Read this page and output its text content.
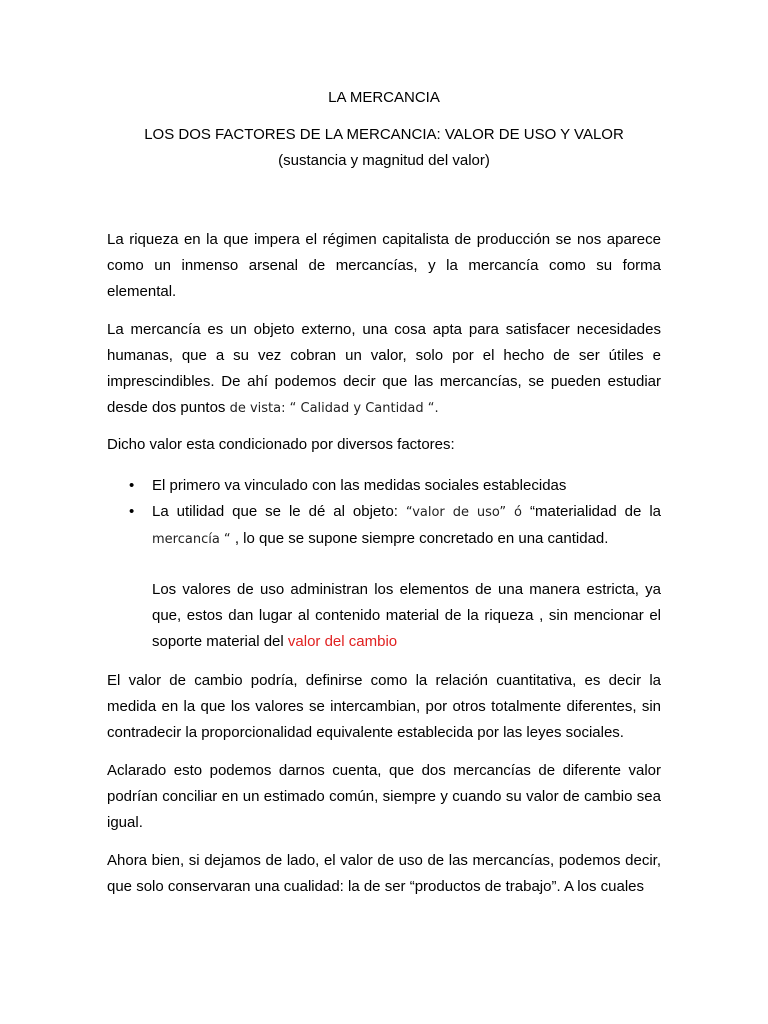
LA MERCANCIA
LOS DOS FACTORES DE LA MERCANCIA: VALOR DE USO Y VALOR
(sustancia y magnitud del valor)

La riqueza en la que impera el régimen capitalista de producción se nos aparece como un inmenso arsenal de mercancías, y la mercancía como su forma elemental.

La mercancía es un objeto externo, una cosa apta para satisfacer necesidades humanas, que a su vez cobran un valor, solo por el hecho de ser útiles e imprescindibles. De ahí podemos decir que las mercancías, se pueden estudiar desde dos puntos de vista: “ Calidad y Cantidad “.

Dicho valor esta condicionado por diversos factores:

• El primero va vinculado con las medidas sociales establecidas
• La utilidad que se le dé al objeto: “valor de uso” ó “materialidad de la mercancía “ , lo que se supone siempre concretado en una cantidad.
Los valores de uso administran los elementos de una manera estricta, ya que, estos dan lugar al contenido material de la riqueza , sin mencionar el soporte material del valor del cambio

El valor de cambio podría, definirse como la relación cuantitativa, es decir la medida en la que los valores se intercambian, por otros totalmente diferentes, sin contradecir la proporcionalidad equivalente establecida por las leyes sociales.

Aclarado esto podemos darnos cuenta, que dos mercancías de diferente valor podrían conciliar en un estimado común, siempre y cuando su valor de cambio sea igual.

Ahora bien, si dejamos de lado, el valor de uso de las mercancías, podemos decir, que solo conservaran una cualidad: la de ser “productos de trabajo”. A los cuales
